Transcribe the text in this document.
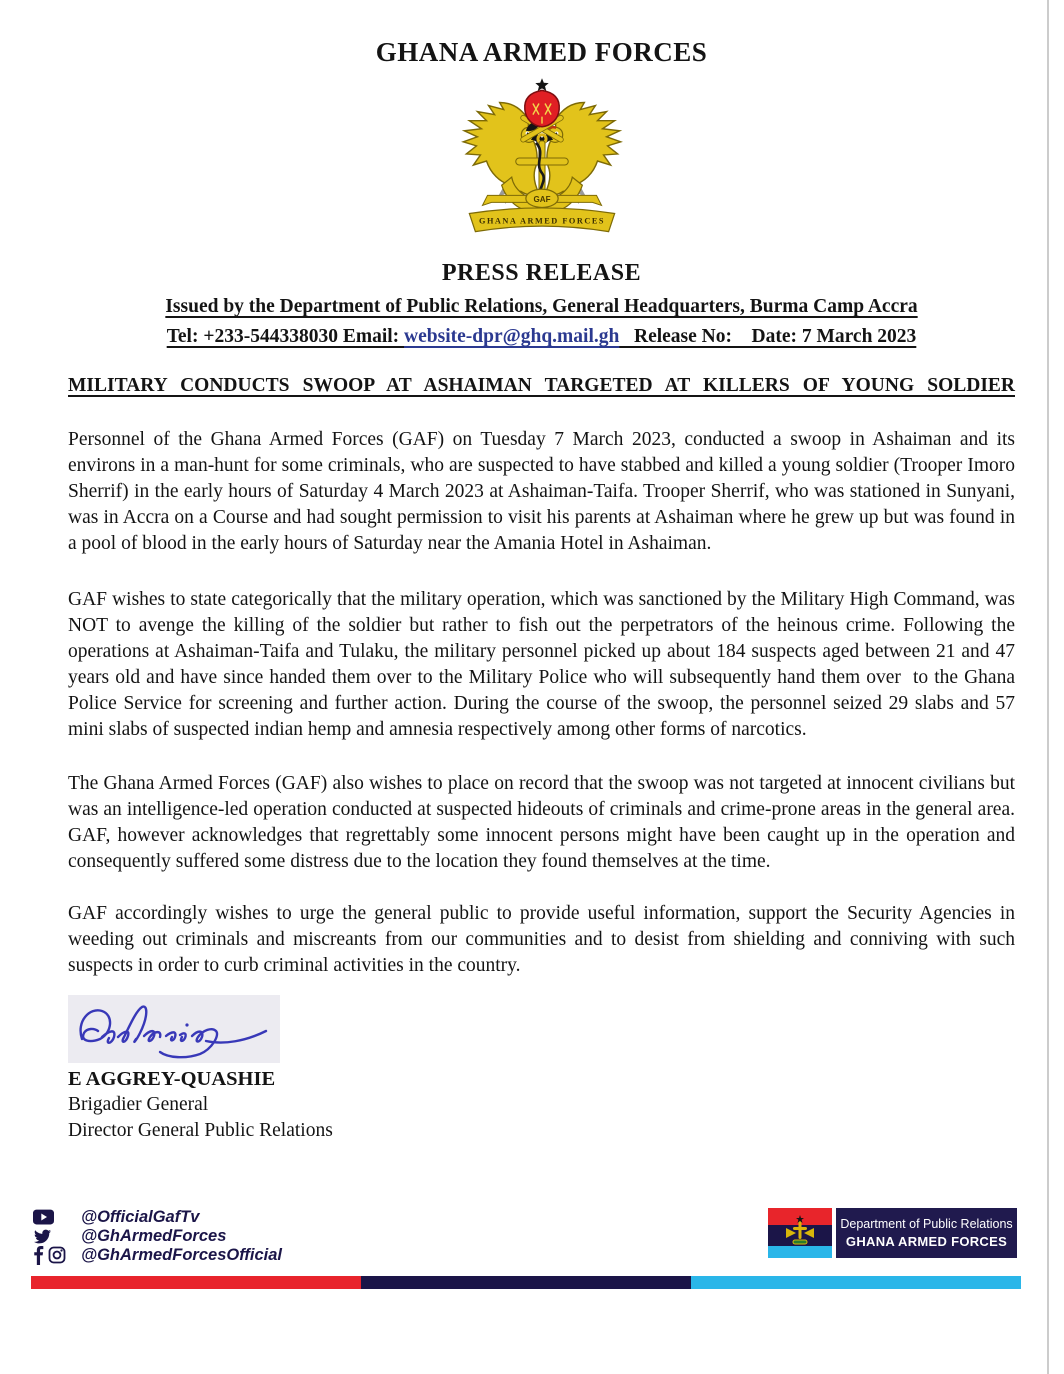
GHANA ARMED FORCES
GAF
GHANA ARMED FORCES
PRESS RELEASE
Issued by the Department of Public Relations, General Headquarters, Burma Camp Accra
Tel: +233-544338030 Email: website-dpr@ghq.mail.gh   Release No:    Date: 7 March 2023
MILITARY CONDUCTS SWOOP AT ASHAIMAN TARGETED AT KILLERS OF YOUNG SOLDIER

Personnel of the Ghana Armed Forces (GAF) on Tuesday 7 March 2023, conducted a swoop in Ashaiman and its environs in a man-hunt for some criminals, who are suspected to have stabbed and killed a young soldier (Trooper Imoro Sherrif) in the early hours of Saturday 4 March 2023 at Ashaiman-Taifa. Trooper Sherrif, who was stationed in Sunyani, was in Accra on a Course and had sought permission to visit his parents at Ashaiman where he grew up but was found in a pool of blood in the early hours of Saturday near the Amania Hotel in Ashaiman.

GAF wishes to state categorically that the military operation, which was sanctioned by the Military High Command, was NOT to avenge the killing of the soldier but rather to fish out the perpetrators of the heinous crime. Following the operations at Ashaiman-Taifa and Tulaku, the military personnel picked up about 184 suspects aged between 21 and 47 years old and have since handed them over to the Military Police who will subsequently hand them over  to the Ghana Police Service for screening and further action. During the course of the swoop, the personnel seized 29 slabs and 57 mini slabs of suspected indian hemp and amnesia respectively among other forms of narcotics.

The Ghana Armed Forces (GAF) also wishes to place on record that the swoop was not targeted at innocent civilians but was an intelligence-led operation conducted at suspected hideouts of criminals and crime-prone areas in the general area. GAF, however acknowledges that regrettably some innocent persons might have been caught up in the operation and consequently suffered some distress due to the location they found themselves at the time.

GAF accordingly wishes to urge the general public to provide useful information, support the Security Agencies in weeding out criminals and miscreants from our communities and to desist from shielding and conniving with such suspects in order to curb criminal activities in the country.

E AGGREY-QUASHIE
Brigadier General
Director General Public Relations
@OfficialGafTv
@GhArmedForces
@GhArmedForcesOfficial
Department of Public Relations
GHANA ARMED FORCES
